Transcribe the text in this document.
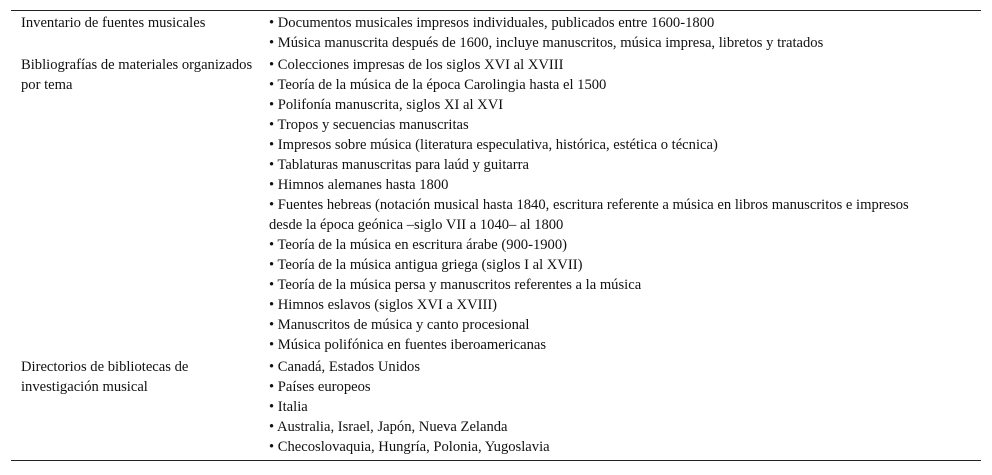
Inventario de fuentes musicales
•	Documentos musicales impresos individuales, publicados entre 1600-1800
• Música manuscrita después de 1600, incluye manuscritos, música impresa, libretos y tratados
Bibliografías de materiales organizados por tema
• Colecciones impresas de los siglos XVI al XVIII
• Teoría de la música de la época Carolingia hasta el 1500
• Polifonía manuscrita, siglos XI al XVI
• Tropos y secuencias manuscritas
• Impresos sobre música (literatura especulativa, histórica, estética o técnica)
• Tablaturas manuscritas para laúd y guitarra
• Himnos alemanes hasta 1800
• Fuentes hebreas (notación musical hasta 1840, escritura referente a música en libros manuscritos e impresos desde la época geónica –siglo VII a 1040– al 1800
• Teoría de la música en escritura árabe (900-1900)
• Teoría de la música antigua griega (siglos I al XVII)
• Teoría de la música persa y manuscritos referentes a la música
• Himnos eslavos (siglos XVI a XVIII)
• Manuscritos de música y canto procesional
• Música polifónica en fuentes iberoamericanas
Directorios de bibliotecas de investigación musical
• Canadá, Estados Unidos
• Países europeos
• Italia
• Australia, Israel, Japón, Nueva Zelanda
• Checoslovaquia, Hungría, Polonia, Yugoslavia
